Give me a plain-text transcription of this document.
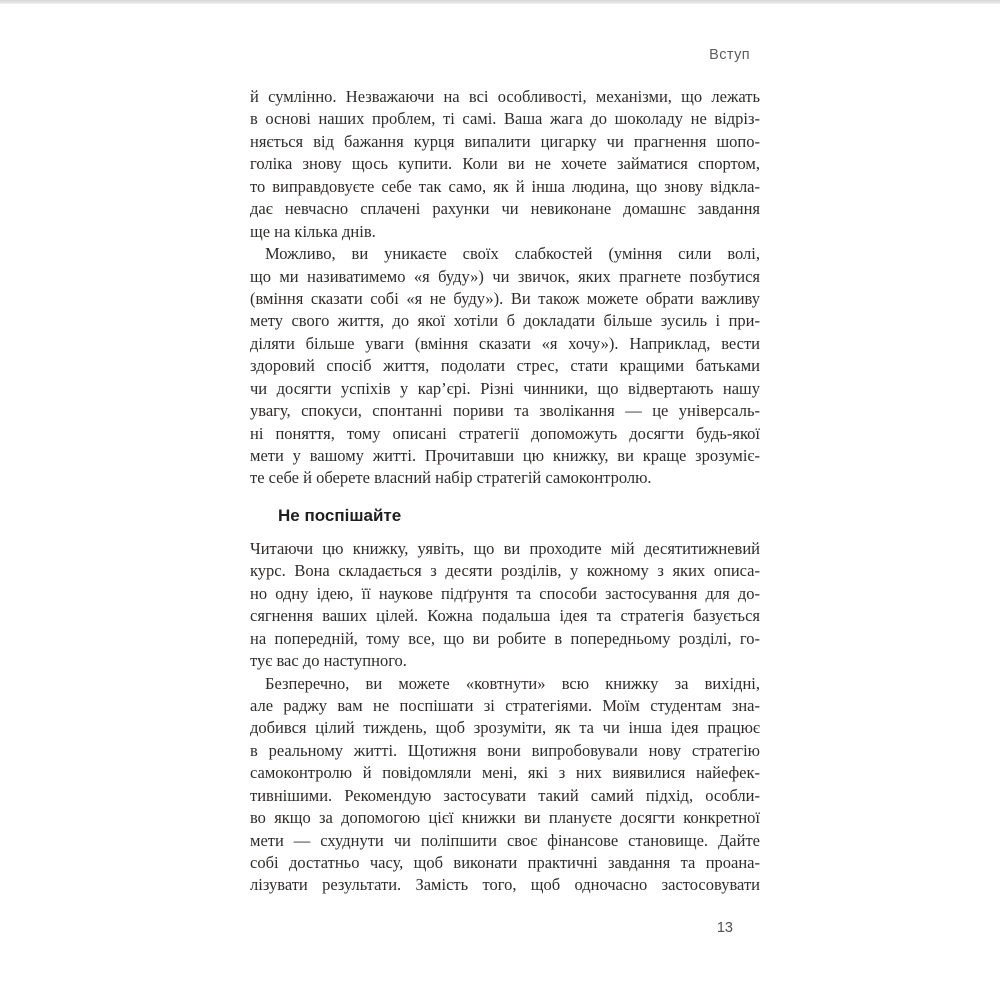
Вступ
й сумлінно. Незважаючи на всі особливості, механізми, що лежать
в основі наших проблем, ті самі. Ваша жага до шоколаду не відріз-
няється від бажання курця випалити цигарку чи прагнення шопо-
голіка знову щось купити. Коли ви не хочете займатися спортом,
то виправдовуєте себе так само, як й інша людина, що знову відкла-
дає невчасно сплачені рахунки чи невиконане домашнє завдання
ще на кілька днів.
Можливо, ви уникаєте своїх слабкостей (уміння сили волі,
що ми називатимемо «я буду») чи звичок, яких прагнете позбутися
(вміння сказати собі «я не буду»). Ви також можете обрати важливу
мету свого життя, до якої хотіли б докладати більше зусиль і при-
діляти більше уваги (вміння сказати «я хочу»). Наприклад, вести
здоровий спосіб життя, подолати стрес, стати кращими батьками
чи досягти успіхів у кар’єрі. Різні чинники, що відвертають нашу
увагу, спокуси, спонтанні пориви та зволікання — це універсаль-
ні поняття, тому описані стратегії допоможуть досягти будь-якої
мети у вашому житті. Прочитавши цю книжку, ви краще зрозуміє-
те себе й оберете власний набір стратегій самоконтролю.
Не поспішайте
Читаючи цю книжку, уявіть, що ви проходите мій десятитижневий
курс. Вона складається з десяти розділів, у кожному з яких описа-
но одну ідею, її наукове підґрунтя та способи застосування для до-
сягнення ваших цілей. Кожна подальша ідея та стратегія базується
на попередній, тому все, що ви робите в попередньому розділі, го-
тує вас до наступного.
Безперечно, ви можете «ковтнути» всю книжку за вихідні,
але раджу вам не поспішати зі стратегіями. Моїм студентам зна-
добився цілий тиждень, щоб зрозуміти, як та чи інша ідея працює
в реальному житті. Щотижня вони випробовували нову стратегію
самоконтролю й повідомляли мені, які з них виявилися найефек-
тивнішими. Рекомендую застосувати такий самий підхід, особли-
во якщо за допомогою цієї книжки ви плануєте досягти конкретної
мети — схуднути чи поліпшити своє фінансове становище. Дайте
собі достатньо часу, щоб виконати практичні завдання та проана-
лізувати результати. Замість того, щоб одночасно застосовувати
13
